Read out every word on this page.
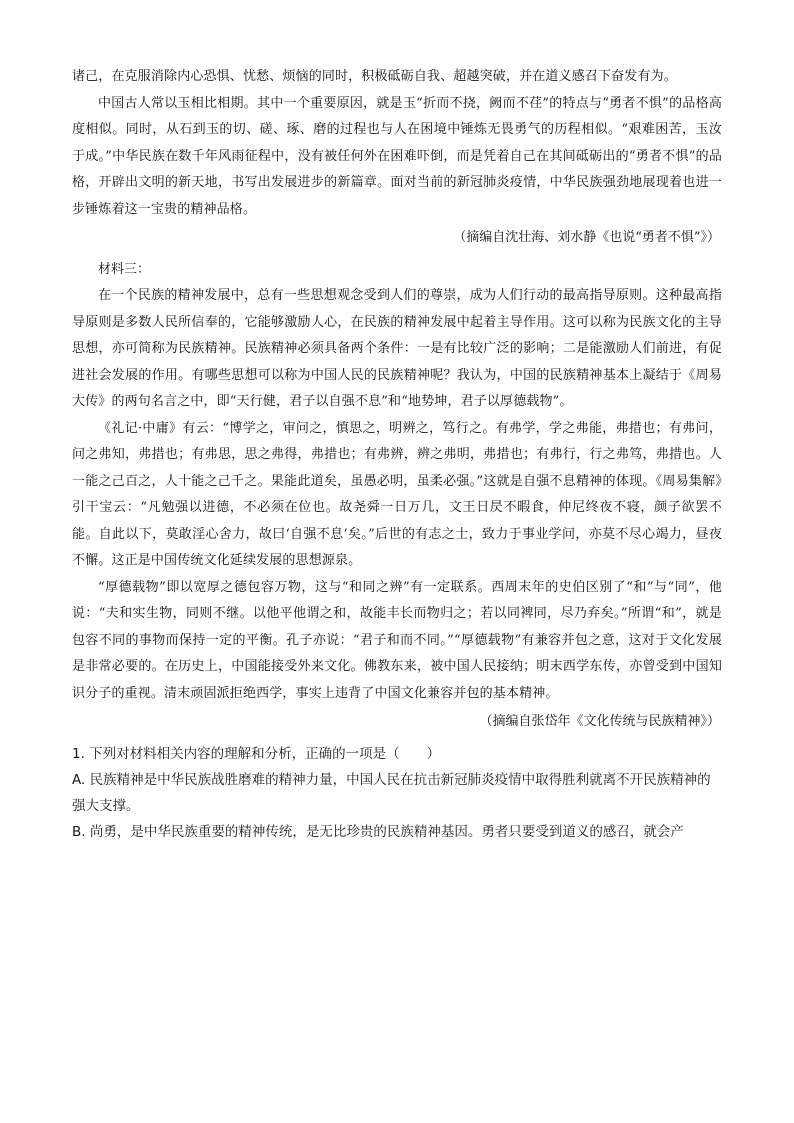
诸己，在克服消除内心恐惧、忧愁、烦恼的同时，积极砥砺自我、超越突破，并在道义感召下奋发有为。

中国古人常以玉相比相期。其中一个重要原因，就是玉“折而不挠，阙而不荏”的特点与“勇者不惧”的品格高度相似。同时，从石到玉的切、磋、琢、磨的过程也与人在困境中锤炼无畏勇气的历程相似。“艰难困苦，玉汝于成。”中华民族在数千年风雨征程中，没有被任何外在困难吓倒，而是凭着自己在其间砥砺出的“勇者不惧”的品格，开辟出文明的新天地，书写出发展进步的新篇章。面对当前的新冠肺炎疫情，中华民族强劲地展现着也进一步锤炼着这一宝贵的精神品格。

（摘编自沈壮海、刘水静《也说“勇者不惧”》）

材料三：

在一个民族的精神发展中，总有一些思想观念受到人们的尊崇，成为人们行动的最高指导原则。这种最高指导原则是多数人民所信奉的，它能够激励人心，在民族的精神发展中起着主导作用。这可以称为民族文化的主导思想，亦可简称为民族精神。民族精神必须具备两个条件：一是有比较广泛的影响；二是能激励人们前进，有促进社会发展的作用。有哪些思想可以称为中国人民的民族精神呢？我认为，中国的民族精神基本上凝结于《周易大传》的两句名言之中，即“天行健，君子以自强不息”和“地势坤，君子以厚德载物”。

《礼记·中庸》有云：“博学之，审问之，慎思之，明辨之，笃行之。有弗学，学之弗能，弗措也；有弗问，问之弗知，弗措也；有弗思，思之弗得，弗措也；有弗辨，辨之弗明，弗措也；有弗行，行之弗笃，弗措也。人一能之己百之，人十能之己千之。果能此道矣，虽愚必明，虽柔必强。”这就是自强不息精神的体现。《周易集解》引干宝云：“凡勉强以进德，不必须在位也。故尧舜一日万几，文王日昃不暇食，仲尼终夜不寝，颜子欲罢不能。自此以下，莫敢淫心舍力，故曰‘自强不息’矣。”后世的有志之士，致力于事业学问，亦莫不尽心竭力，昼夜不懈。这正是中国传统文化延续发展的思想源泉。

“厚德载物”即以宽厚之德包容万物，这与“和同之辨”有一定联系。西周末年的史伯区别了“和”与“同”，他说：“夫和实生物，同则不继。以他平他谓之和，故能丰长而物归之；若以同裨同，尽乃弃矣。”所谓“和”，就是包容不同的事物而保持一定的平衡。孔子亦说：“君子和而不同。”“厚德载物”有兼容并包之意，这对于文化发展是非常必要的。在历史上，中国能接受外来文化。佛教东来，被中国人民接纳；明末西学东传，亦曾受到中国知识分子的重视。清末顽固派拒绝西学，事实上违背了中国文化兼容并包的基本精神。

（摘编自张岱年《文化传统与民族精神》）

1. 下列对材料相关内容的理解和分析，正确的一项是（　　）

A. 民族精神是中华民族战胜磨难的精神力量，中国人民在抗击新冠肺炎疫情中取得胜利就离不开民族精神的强大支撑。

B. 尚勇，是中华民族重要的精神传统，是无比珍贵的民族精神基因。勇者只要受到道义的感召，就会产
